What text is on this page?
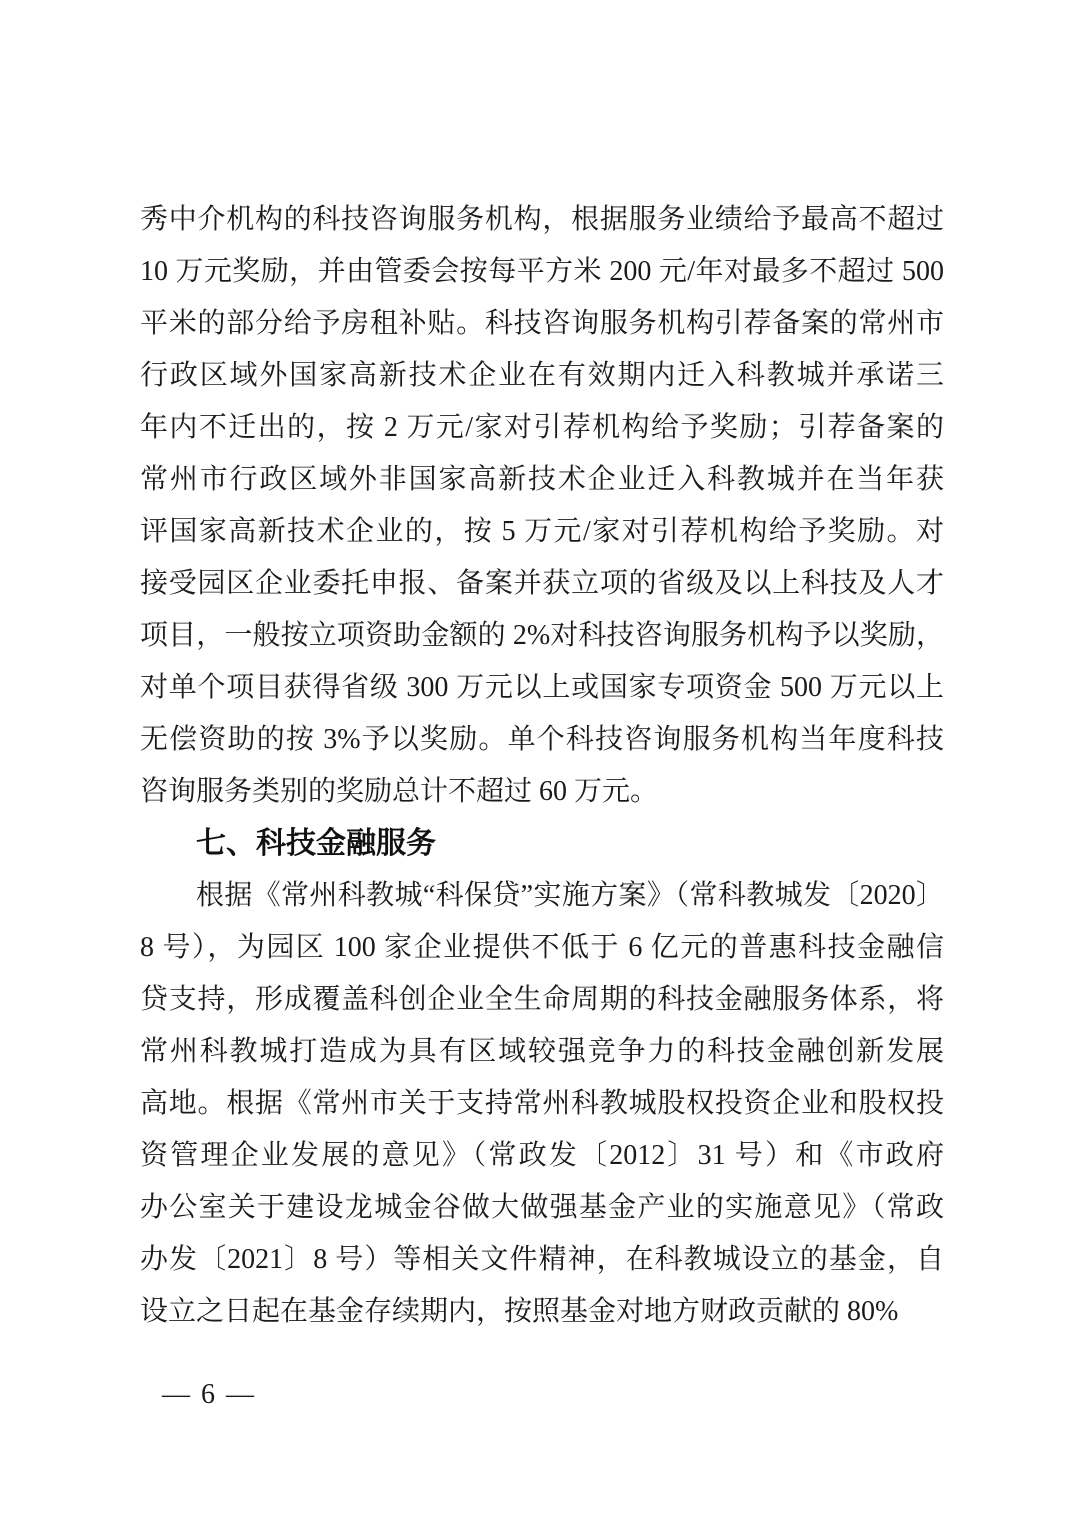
秀中介机构的科技咨询服务机构，根据服务业绩给予最高不超过
10 万元奖励，并由管委会按每平方米 200 元/年对最多不超过 500
平米的部分给予房租补贴。科技咨询服务机构引荐备案的常州市
行政区域外国家高新技术企业在有效期内迁入科教城并承诺三
年内不迁出的，按 2 万元/家对引荐机构给予奖励；引荐备案的
常州市行政区域外非国家高新技术企业迁入科教城并在当年获
评国家高新技术企业的，按 5 万元/家对引荐机构给予奖励。对
接受园区企业委托申报、备案并获立项的省级及以上科技及人才
项目，一般按立项资助金额的 2%对科技咨询服务机构予以奖励，
对单个项目获得省级 300 万元以上或国家专项资金 500 万元以上
无偿资助的按 3%予以奖励。单个科技咨询服务机构当年度科技
咨询服务类别的奖励总计不超过 60 万元。
七、科技金融服务
根据《常州科教城“科保贷”实施方案》（常科教城发〔2020〕
8 号），为园区 100 家企业提供不低于 6 亿元的普惠科技金融信
贷支持，形成覆盖科创企业全生命周期的科技金融服务体系，将
常州科教城打造成为具有区域较强竞争力的科技金融创新发展
高地。根据《常州市关于支持常州科教城股权投资企业和股权投
资管理企业发展的意见》（常政发〔2012〕31 号）和《市政府
办公室关于建设龙城金谷做大做强基金产业的实施意见》（常政
办发〔2021〕8 号）等相关文件精神，在科教城设立的基金，自
设立之日起在基金存续期内，按照基金对地方财政贡献的 80%
— 6 —
